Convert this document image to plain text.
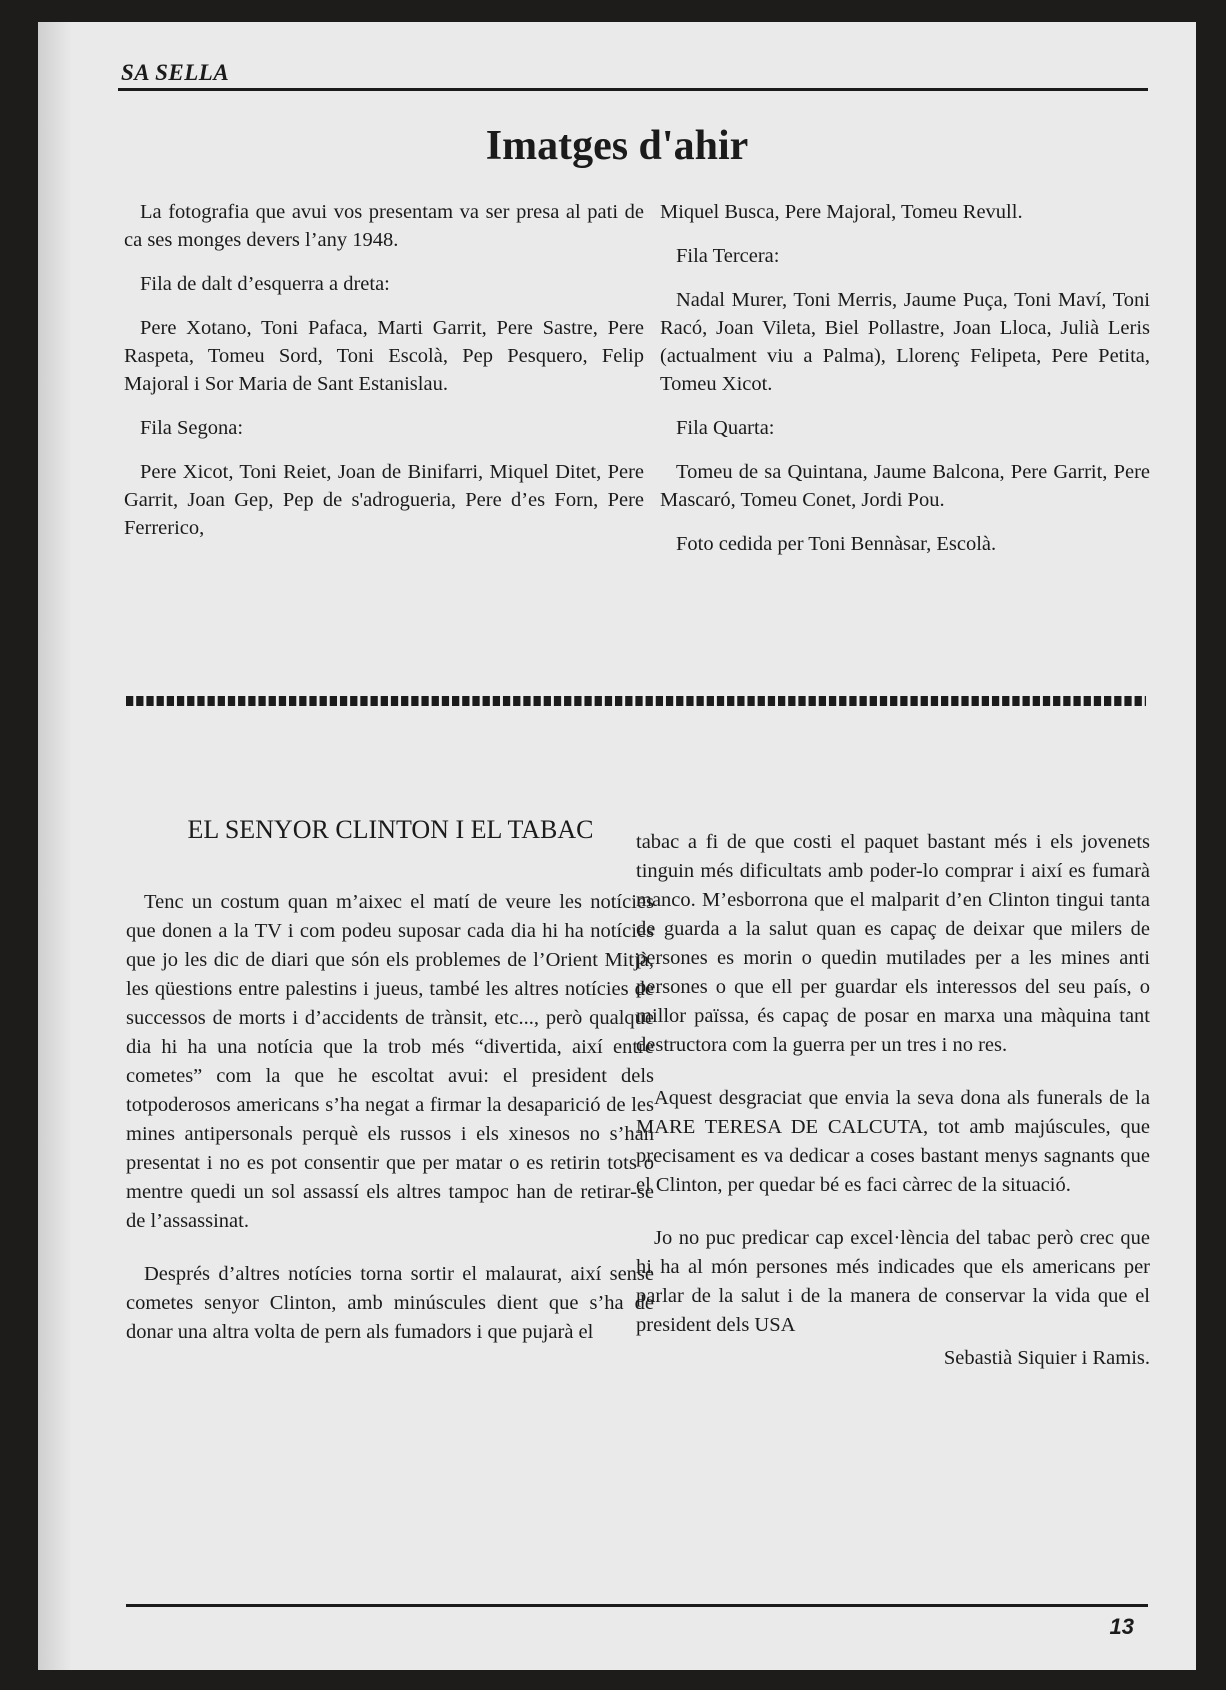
SA SELLA
Imatges d'ahir

La fotografia que avui vos presentam va ser presa al pati de ca ses monges devers l’any 1948.

Fila de dalt d’esquerra a dreta:

Pere Xotano, Toni Pafaca, Marti Garrit, Pere Sastre, Pere Raspeta, Tomeu Sord, Toni Escolà, Pep Pesquero, Felip Majoral i Sor Maria de Sant Estanislau.

Fila Segona:

Pere Xicot, Toni Reiet, Joan de Binifarri, Miquel Ditet, Pere Garrit, Joan Gep, Pep de s'adrogueria, Pere d’es Forn, Pere Ferrerico,

Miquel Busca, Pere Majoral, Tomeu Revull.

Fila Tercera:

Nadal Murer, Toni Merris, Jaume Puça, Toni Maví, Toni Racó, Joan Vileta, Biel Pollastre, Joan Lloca, Julià Leris (actualment viu a Palma), Llorenç Felipeta, Pere Petita, Tomeu Xicot.

Fila Quarta:

Tomeu de sa Quintana, Jaume Balcona, Pere Garrit, Pere Mascaró, Tomeu Conet, Jordi Pou.

Foto cedida per Toni Bennàsar, Escolà.

EL SENYOR CLINTON I EL TABAC

Tenc un costum quan m’aixec el matí de veure les notícies que donen a la TV i com podeu suposar cada dia hi ha notícies que jo les dic de diari que són els problemes de l’Orient Mitjà, les qüestions entre palestins i jueus, també les altres notícies de successos de morts i d’accidents de trànsit, etc..., però qualque dia hi ha una notícia que la trob més “divertida, així entre cometes” com la que he escoltat avui: el president dels totpoderosos americans s’ha negat a firmar la desaparició de les mines antipersonals perquè els russos i els xinesos no s’han presentat i no es pot consentir que per matar o es retirin tots o mentre quedi un sol assassí els altres tampoc han de retirar-se de l’assassinat.

Després d’altres notícies torna sortir el malaurat, així sense cometes senyor Clinton, amb minúscules dient que s’ha de donar una altra volta de pern als fumadors i que pujarà el

tabac a fi de que costi el paquet bastant més i els jovenets tinguin més dificultats amb poder-lo comprar i així es fumarà manco. M’esborrona que el malparit d’en Clinton tingui tanta de guarda a la salut quan es capaç de deixar que milers de persones es morin o quedin mutilades per a les mines anti persones o que ell per guardar els interessos del seu país, o millor païssa, és capaç de posar en marxa una màquina tant destructora com la guerra per un tres i no res.

Aquest desgraciat que envia la seva dona als funerals de la MARE TERESA DE CALCUTA, tot amb majúscules, que precisament es va dedicar a coses bastant menys sagnants que el Clinton, per quedar bé es faci càrrec de la situació.

Jo no puc predicar cap excel·lència del tabac però crec que hi ha al món persones més indicades que els americans per parlar de la salut i de la manera de conservar la vida que el president dels USA

Sebastià Siquier i Ramis.
13
